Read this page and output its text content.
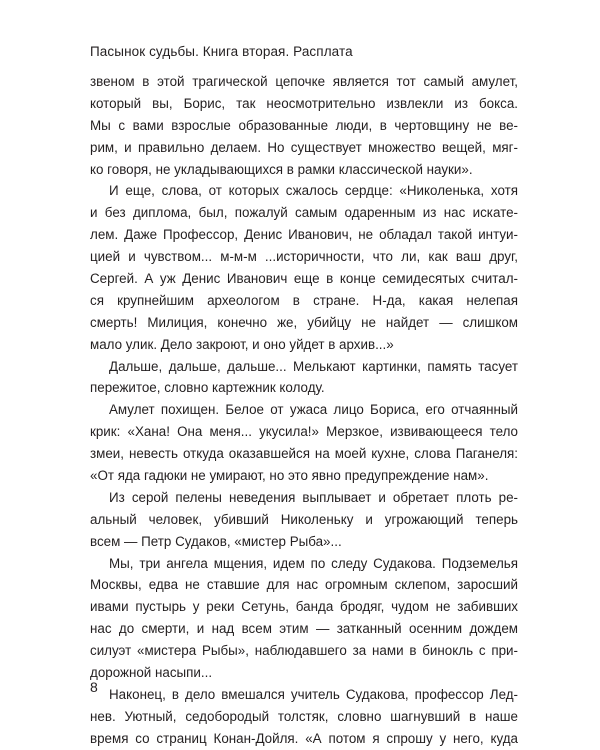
Пасынок судьбы. Книга вторая. Расплата
звеном в этой трагической цепочке является тот самый амулет,
который вы, Борис, так неосмотрительно извлекли из бокса.
Мы с вами взрослые образованные люди, в чертовщину не ве-
рим, и правильно делаем. Но существует множество вещей, мяг-
ко говоря, не укладывающихся в рамки классической науки».
И еще, слова, от которых сжалось сердце: «Николенька, хотя
и без диплома, был, пожалуй самым одаренным из нас искате-
лем. Даже Профессор, Денис Иванович, не обладал такой интуи-
цией и чувством... м-м-м ...историчности, что ли, как ваш друг,
Сергей. А уж Денис Иванович еще в конце семидесятых считал-
ся крупнейшим археологом в стране. Н-да, какая нелепая
смерть! Милиция, конечно же, убийцу не найдет — слишком
мало улик. Дело закроют, и оно уйдет в архив...»
Дальше, дальше, дальше... Мелькают картинки, память тасует
пережитое, словно картежник колоду.
Амулет похищен. Белое от ужаса лицо Бориса, его отчаянный
крик: «Хана! Она меня... укусила!» Мерзкое, извивающееся тело
змеи, невесть откуда оказавшейся на моей кухне, слова Паганеля:
«От яда гадюки не умирают, но это явно предупреждение нам».
Из серой пелены неведения выплывает и обретает плоть ре-
альный человек, убивший Николеньку и угрожающий теперь
всем — Петр Судаков, «мистер Рыба»...
Мы, три ангела мщения, идем по следу Судакова. Подземелья
Москвы, едва не ставшие для нас огромным склепом, заросший
ивами пустырь у реки Сетунь, банда бродяг, чудом не забивших
нас до смерти, и над всем этим — затканный осенним дождем
силуэт «мистера Рыбы», наблюдавшего за нами в бинокль с при-
дорожной насыпи...
Наконец, в дело вмешался учитель Судакова, профессор Лед-
нев. Уютный, седобородый толстяк, словно шагнувший в наше
время со страниц Конан-Дойля. «А потом я спрошу у него, куда
8
